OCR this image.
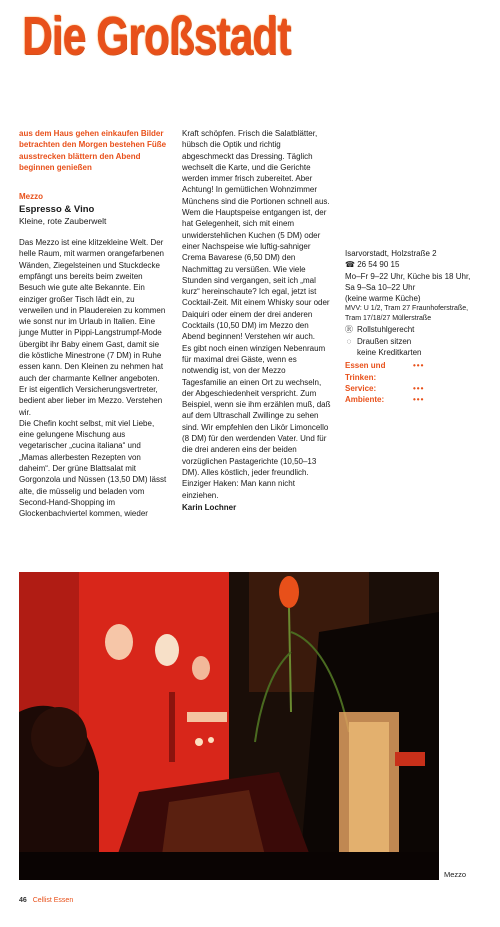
Die Großstadt

aus dem Haus gehen einkaufen Bilder betrachten den Morgen bestehen Füße ausstrecken blättern den Abend beginnen genießen

Mezzo

Espresso & Vino

Kleine, rote Zauberwelt

Das Mezzo ist eine klitzekleine Welt. Der helle Raum, mit warmen orangefarbenen Wänden, Ziegelsteinen und Stuckdecke empfängt uns bereits beim zweiten Besuch wie gute alte Bekannte. Ein einziger großer Tisch lädt ein, zu verweilen und in Plaudereien zu kommen wie sonst nur im Urlaub in Italien. Eine junge Mutter in Pippi-Langstrumpf-Mode übergibt ihr Baby einem Gast, damit sie die köstliche Minestrone (7 DM) in Ruhe essen kann. Den Kleinen zu nehmen hat auch der charmante Kellner angeboten. Er ist eigentlich Versicherungsvertreter, bedient aber lieber im Mezzo. Verstehen wir.

Die Chefin kocht selbst, mit viel Liebe, eine gelungene Mischung aus vegetarischer „cucina italiana“ und „Mamas allerbesten Rezepten von daheim“. Der grüne Blattsalat mit Gorgonzola und Nüssen (13,50 DM) lässt alte, die müsselig und beladen vom Second-Hand-Shopping im Glockenbachviertel kommen, wieder

Kraft schöpfen. Frisch die Salatblätter, hübsch die Optik und richtig abgeschmeckt das Dressing. Täglich wechselt die Karte, und die Gerichte werden immer frisch zubereitet. Aber Achtung! In gemütlichen Wohnzimmer Münchens sind die Portionen schnell aus. Wem die Hauptspeise entgangen ist, der hat Gelegenheit, sich mit einem unwiderstehlichen Kuchen (5 DM) oder einer Nachspeise wie luftig-sahniger Crema Bavarese (6,50 DM) den Nachmittag zu versüßen. Wie viele Stunden sind vergangen, seit ich „mal kurz“ hereinschaute? Ich egal, jetzt ist Cocktail-Zeit. Mit einem Whisky sour oder Daiquiri oder einem der drei anderen Cocktails (10,50 DM) im Mezzo den Abend beginnen! Verstehen wir auch.

Es gibt noch einen winzigen Nebenraum für maximal drei Gäste, wenn es notwendig ist, von der Mezzo Tagesfamilie an einen Ort zu wechseln, der Abgeschiedenheit verspricht. Zum Beispiel, wenn sie ihm erzählen muß, daß auf dem Ultraschall Zwillinge zu sehen sind. Wir empfehlen den Likör Limoncello (8 DM) für den werdenden Vater. Und für die drei anderen eins der beiden vorzüglichen Pastagerichte (10,50–13 DM). Alles köstlich, jeder freundlich. Einziger Haken: Man kann nicht einziehen.

Karin Lochner

Isarvorstadt, Holzstraße 2

☎ 26 54 90 15

Mo–Fr 9–22 Uhr, Küche bis 18 Uhr,

Sa 9–Sa 10–22 Uhr

(keine warme Küche)

MVV: U 1/2, Tram 27 Fraunhoferstraße, Tram 17/18/27 Müllerstraße

Ⓡ Rollstuhlgerecht
◌ Draußen sitzen
keine Kreditkarten
Essen und Trinken:
•••
Service:	•••
Ambiente:	•••
Mezzo
46 Cellist Essen
